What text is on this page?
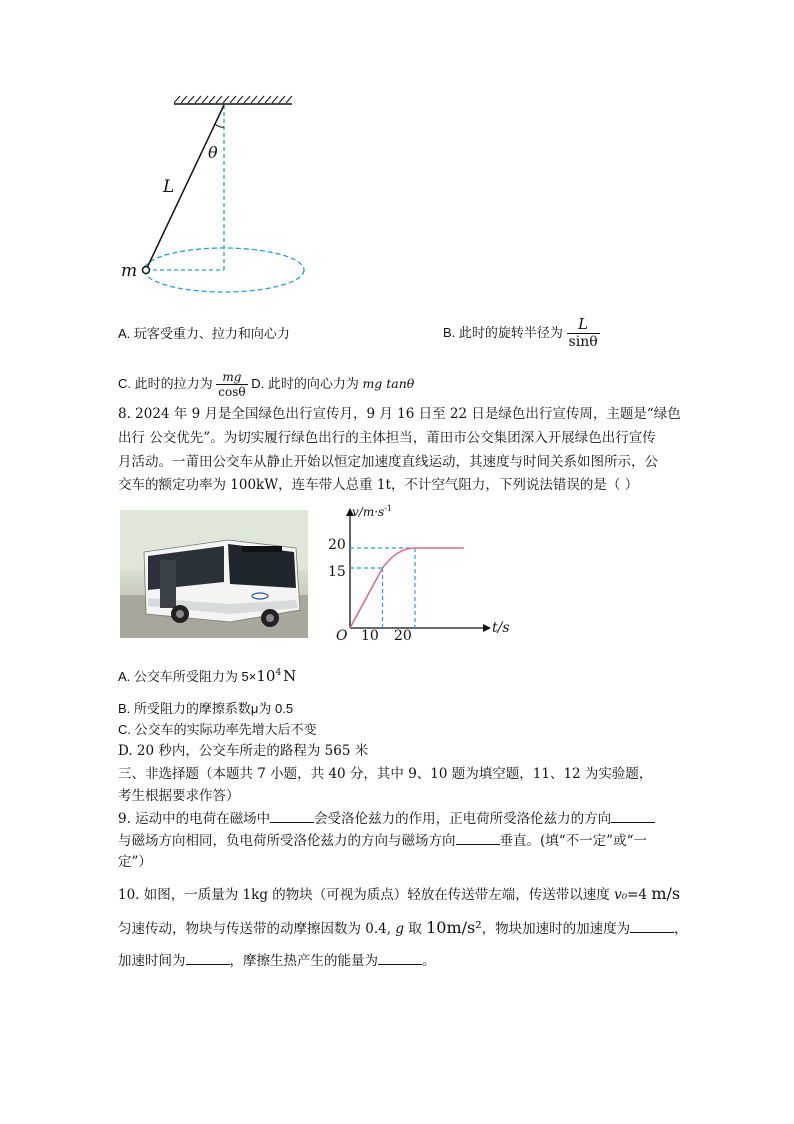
θ
L
m
A. 玩客受重力、拉力和向心力	B. 此时的旋转半径为 $\frac{L}{\sin\theta}$
C. 此时的拉力为 $\frac{mg}{\cos\theta} D$. 此时的向心力为 mg tanθ
8. 2024 年 9 月是全国绿色出行宣传月，9 月 16 日至 22 日是绿色出行宣传周，主题是“绿色
出行 公交优先”。为切实履行绿色出行的主体担当，莆田市公交集团深入开展绿色出行宣传
月活动。一莆田公交车从静止开始以恒定加速度直线运动，其速度与时间关系如图所示，公
交车的额定功率为 100kW，连车带人总重 1t，不计空气阻力，下列说法错误的是（ ）
$v/m\cdot s^{-1}$
20
15
O 10 20	t/s
A. 公交车所受阻力为 $5\times 10^4$ N
B. 所受阻力的摩擦系数μ为 0.5
C. 公交车的实际功率先增大后不变
D. 20 秒内，公交车所走的路程为 565 米
三、非选择题（本题共 7 小题，共 40 分，其中 9、10 题为填空题，11、12 为实验题，
考生根据要求作答）
9. 运动中的电荷在磁场中	会受洛伦兹力的作用，正电荷所受洛伦兹力的方向
与磁场方向相同，负电荷所受洛伦兹力的方向与磁场方向	垂直。(填“不一定”或“一
定”）
10. 如图，一质量为 1kg 的物块（可视为质点）轻放在传送带左端，传送带以速度 v₀=4 m/s
匀速传动，物块与传送带的动摩擦因数为 0.4, g 取 10m/s²，物块加速时的加速度为	，
加速时间为	，摩擦生热产生的能量为	。
